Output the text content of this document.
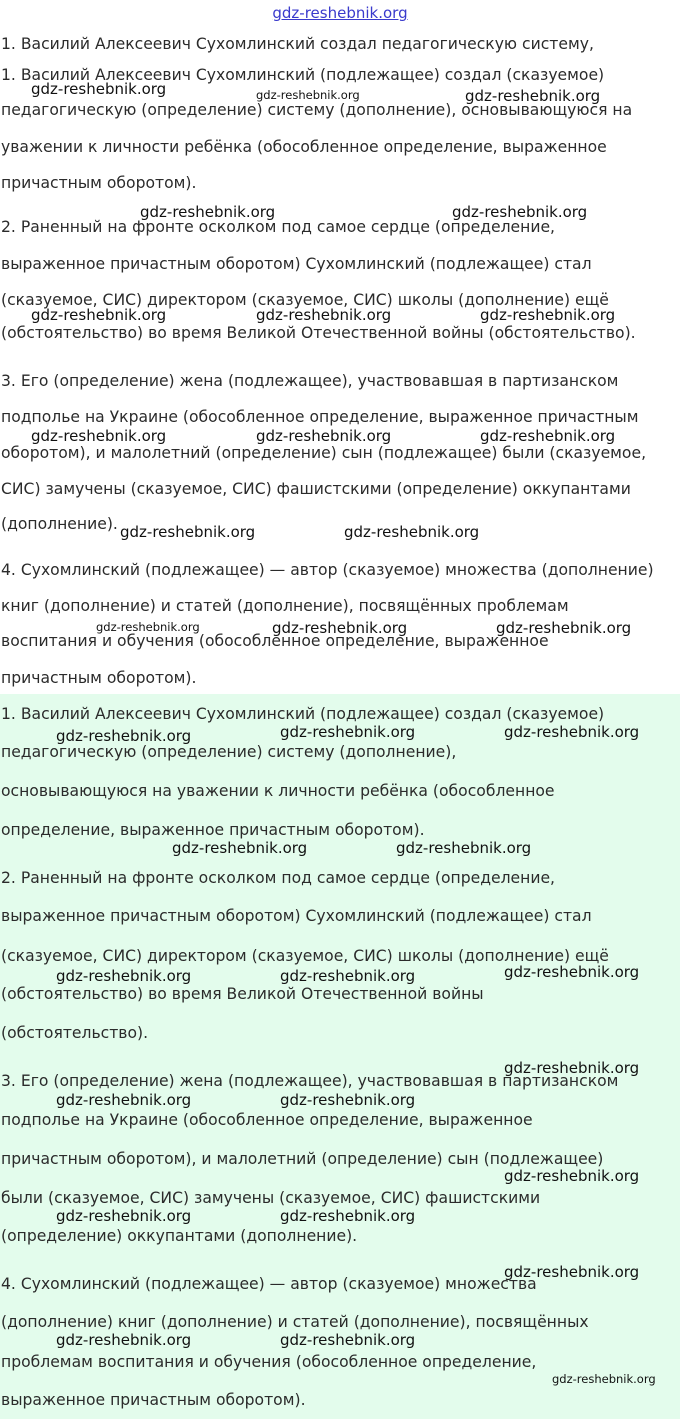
gdz-reshebnik.org
1. Василий Алексеевич Сухомлинский создал педагогическую систему,
1. Василий Алексеевич Сухомлинский (подлежащее) создал (сказуемое)
педагогическую (определение) систему (дополнение), основывающуюся на
уважении к личности ребёнка (обособленное определение, выраженное
причастным оборотом).
2. Раненный на фронте осколком под самое сердце (определение,
выраженное причастным оборотом) Сухомлинский (подлежащее) стал
(сказуемое, СИС) директором (сказуемое, СИС) школы (дополнение) ещё
(обстоятельство) во время Великой Отечественной войны (обстоятельство).
3. Его (определение) жена (подлежащее), участвовавшая в партизанском
подполье на Украине (обособленное определение, выраженное причастным
оборотом), и малолетний (определение) сын (подлежащее) были (сказуемое,
СИС) замучены (сказуемое, СИС) фашистскими (определение) оккупантами
(дополнение).
4. Сухомлинский (подлежащее) — автор (сказуемое) множества (дополнение)
книг (дополнение) и статей (дополнение), посвящённых проблемам
воспитания и обучения (обособленное определение, выраженное
причастным оборотом).
1. Василий Алексеевич Сухомлинский (подлежащее) создал (сказуемое)
педагогическую (определение) систему (дополнение),
основывающуюся на уважении к личности ребёнка (обособленное
определение, выраженное причастным оборотом).
2. Раненный на фронте осколком под самое сердце (определение,
выраженное причастным оборотом) Сухомлинский (подлежащее) стал
(сказуемое, СИС) директором (сказуемое, СИС) школы (дополнение) ещё
(обстоятельство) во время Великой Отечественной войны
(обстоятельство).
3. Его (определение) жена (подлежащее), участвовавшая в партизанском
подполье на Украине (обособленное определение, выраженное
причастным оборотом), и малолетний (определение) сын (подлежащее)
были (сказуемое, СИС) замучены (сказуемое, СИС) фашистскими
(определение) оккупантами (дополнение).
4. Сухомлинский (подлежащее) — автор (сказуемое) множества
(дополнение) книг (дополнение) и статей (дополнение), посвящённых
проблемам воспитания и обучения (обособленное определение,
выраженное причастным оборотом).
gdz-reshebnik.org	gdz-reshebnik.org	gdz-reshebnik.org
gdz-reshebnik.org	gdz-reshebnik.org
gdz-reshebnik.org	gdz-reshebnik.org	gdz-reshebnik.org
gdz-reshebnik.org	gdz-reshebnik.org	gdz-reshebnik.org
gdz-reshebnik.org	gdz-reshebnik.org
gdz-reshebnik.org	gdz-reshebnik.org	gdz-reshebnik.org
gdz-reshebnik.org	gdz-reshebnik.org	gdz-reshebnik.org
gdz-reshebnik.org	gdz-reshebnik.org
gdz-reshebnik.org	gdz-reshebnik.org	gdz-reshebnik.org
gdz-reshebnik.org
gdz-reshebnik.org	gdz-reshebnik.org
gdz-reshebnik.org
gdz-reshebnik.org	gdz-reshebnik.org
gdz-reshebnik.org
gdz-reshebnik.org	gdz-reshebnik.org
gdz-reshebnik.org
